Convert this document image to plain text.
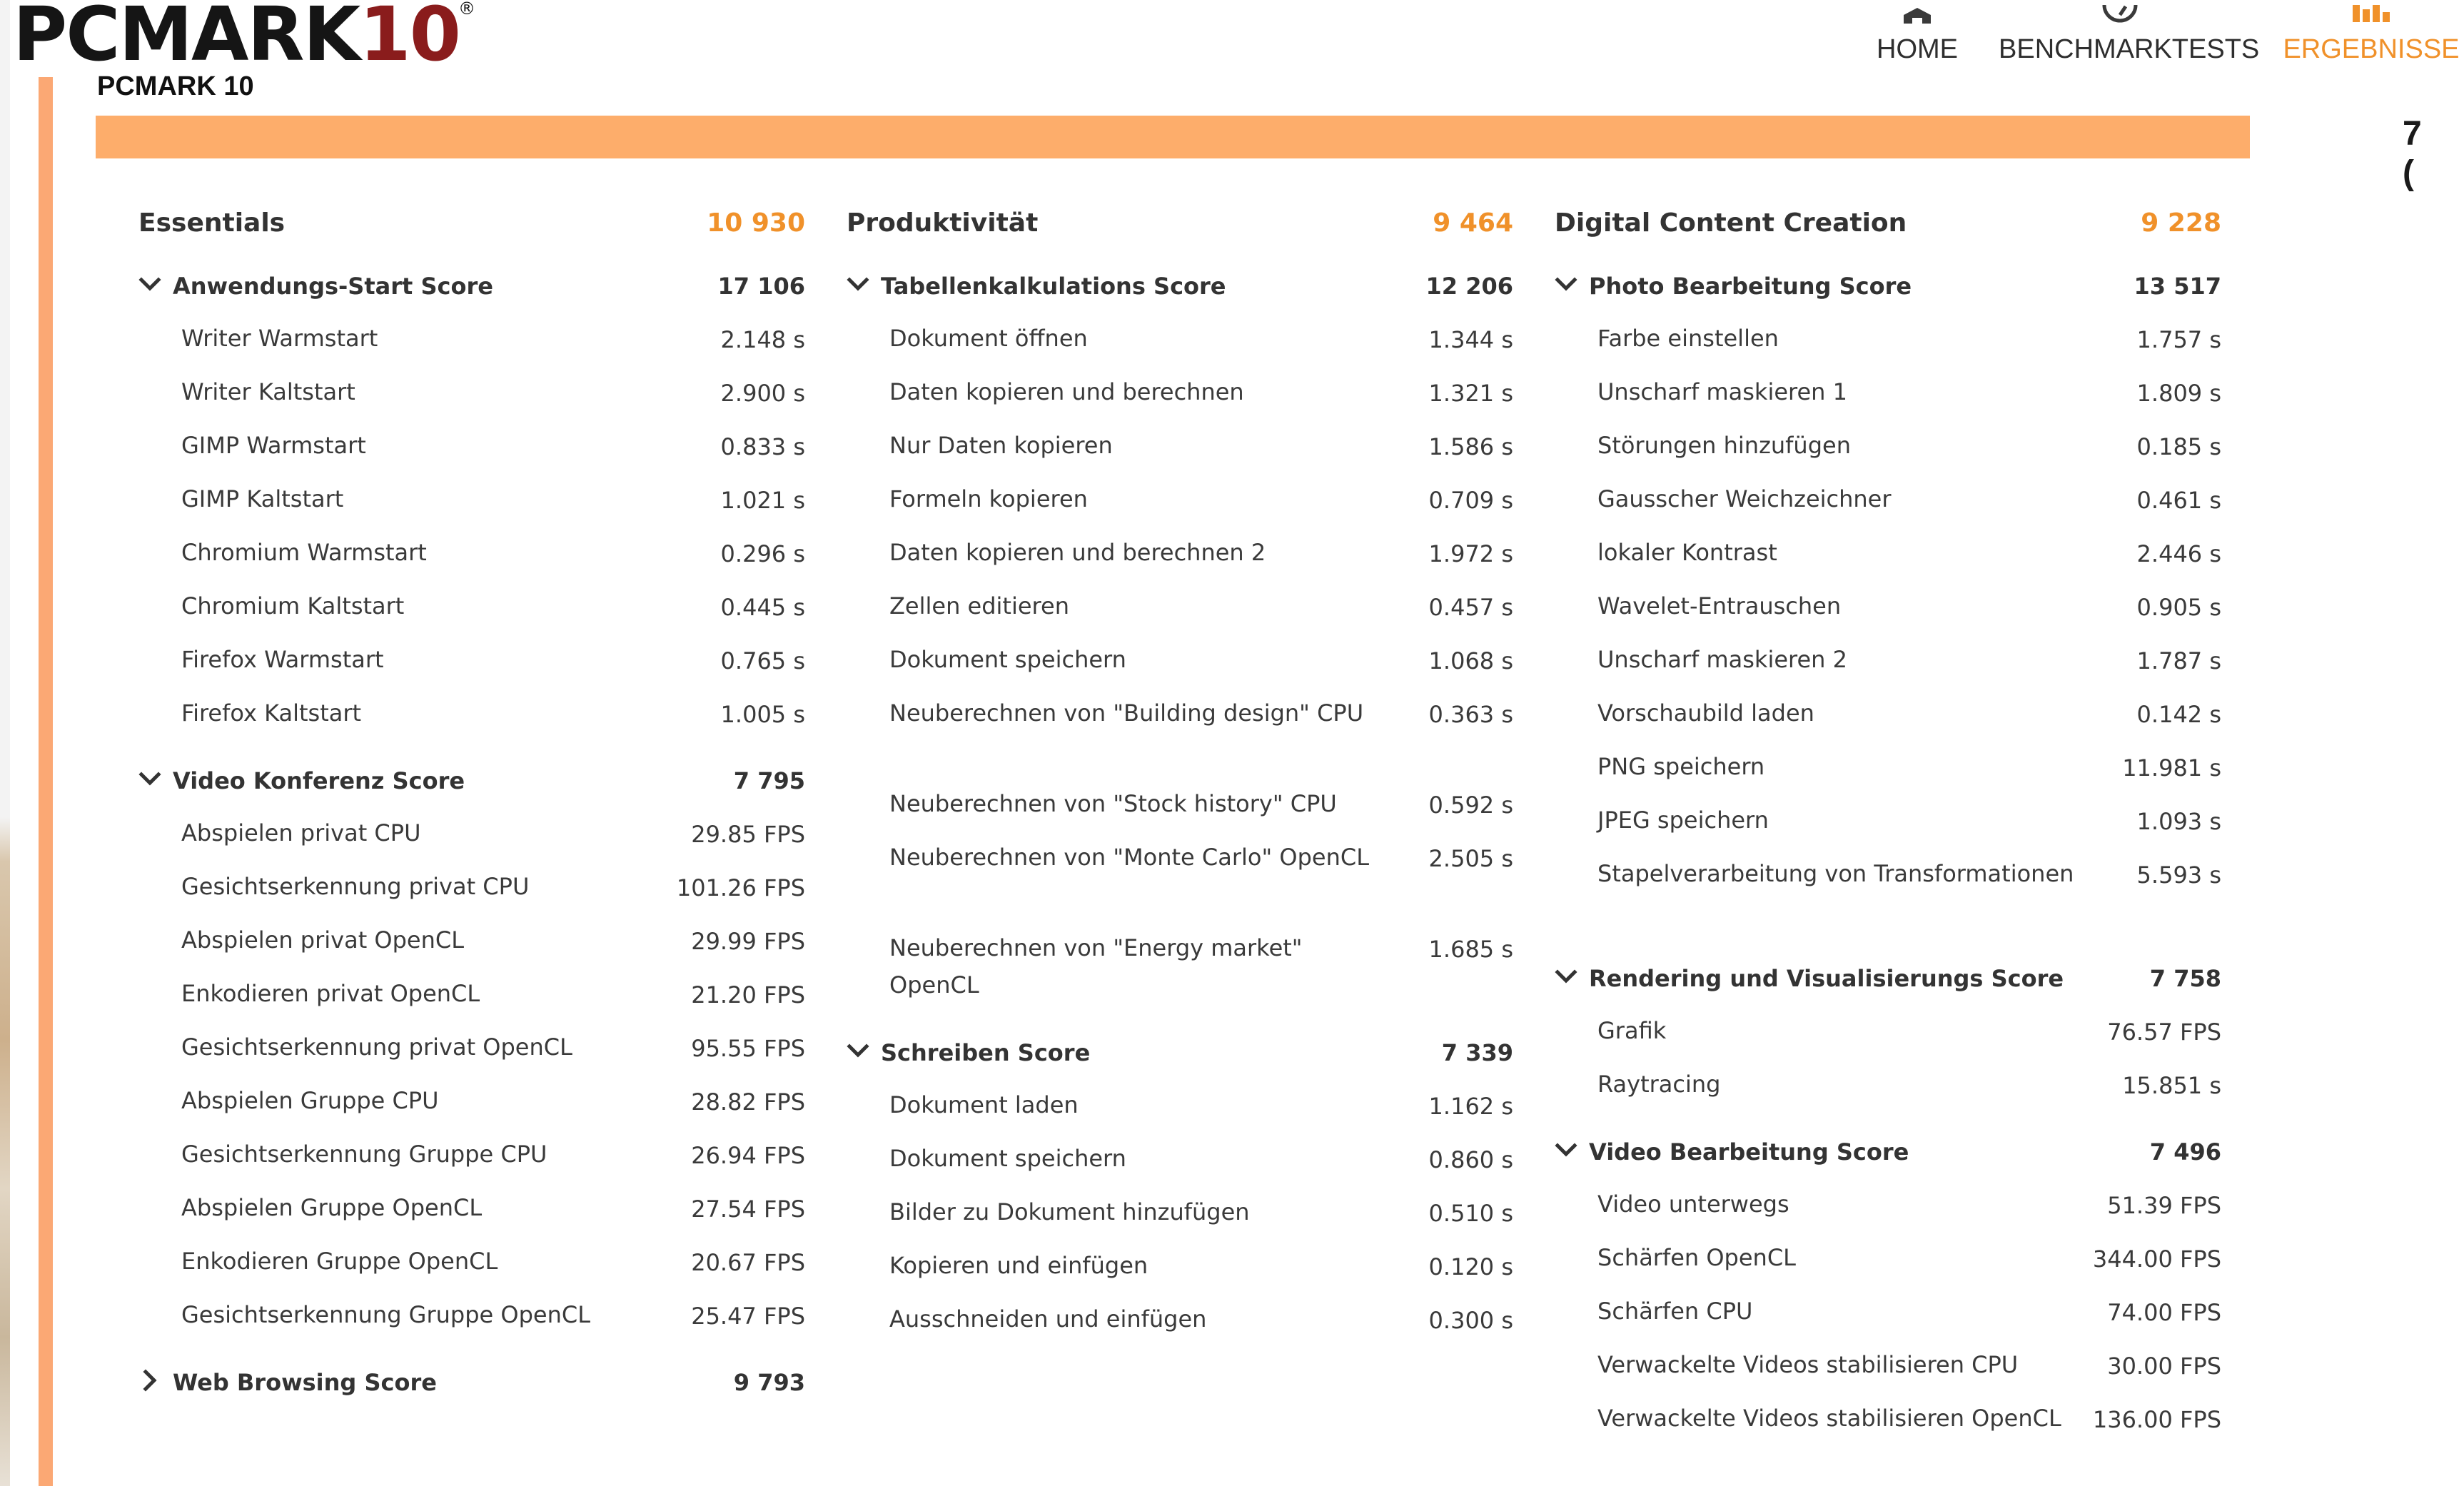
PCMARK10
®
HOME	BENCHMARKTESTS ERGEBNISSE
7 (
PCMARK 10
Essentials	10 930
Anwendungs-Start Score	17 106
Writer Warmstart	2.148 s
Writer Kaltstart	2.900 s
GIMP Warmstart	0.833 s
GIMP Kaltstart	1.021 s
Chromium Warmstart	0.296 s
Chromium Kaltstart	0.445 s
Firefox Warmstart	0.765 s
Firefox Kaltstart	1.005 s
Video Konferenz Score	7 795
Abspielen privat CPU	29.85 FPS
Gesichtserkennung privat CPU	101.26 FPS
Abspielen privat OpenCL	29.99 FPS
Enkodieren privat OpenCL	21.20 FPS
Gesichtserkennung privat OpenCL	95.55 FPS
Abspielen Gruppe CPU	28.82 FPS
Gesichtserkennung Gruppe CPU	26.94 FPS
Abspielen Gruppe OpenCL	27.54 FPS
Enkodieren Gruppe OpenCL	20.67 FPS
Gesichtserkennung Gruppe OpenCL	25.47 FPS
Web Browsing Score	9 793
Produktivität	9 464
Tabellenkalkulations Score	12 206
Dokument öffnen	1.344 s
Daten kopieren und berechnen	1.321 s
Nur Daten kopieren	1.586 s
Formeln kopieren	0.709 s
Daten kopieren und berechnen 2	1.972 s
Zellen editieren	0.457 s
Dokument speichern	1.068 s
Neuberechnen von "Building design" CPU	0.363 s
Neuberechnen von "Stock history" CPU	0.592 s
Neuberechnen von "Monte Carlo" OpenCL	2.505 s
Neuberechnen von "Energy market" OpenCL
1.685 s
Schreiben Score	7 339
Dokument laden	1.162 s
Dokument speichern	0.860 s
Bilder zu Dokument hinzufügen	0.510 s
Kopieren und einfügen	0.120 s
Ausschneiden und einfügen	0.300 s
Digital Content Creation	9 228
Photo Bearbeitung Score	13 517
Farbe einstellen	1.757 s
Unscharf maskieren 1	1.809 s
Störungen hinzufügen	0.185 s
Gausscher Weichzeichner	0.461 s
lokaler Kontrast	2.446 s
Wavelet-Entrauschen	0.905 s
Unscharf maskieren 2	1.787 s
Vorschaubild laden	0.142 s
PNG speichern	11.981 s
JPEG speichern	1.093 s
Stapelverarbeitung von Transformationen	5.593 s
Rendering und Visualisierungs Score	7 758
Grafik	76.57 FPS
Raytracing	15.851 s
Video Bearbeitung Score	7 496
Video unterwegs	51.39 FPS
Schärfen OpenCL	344.00 FPS
Schärfen CPU	74.00 FPS
Verwackelte Videos stabilisieren CPU	30.00 FPS
Verwackelte Videos stabilisieren OpenCL	136.00 FPS
